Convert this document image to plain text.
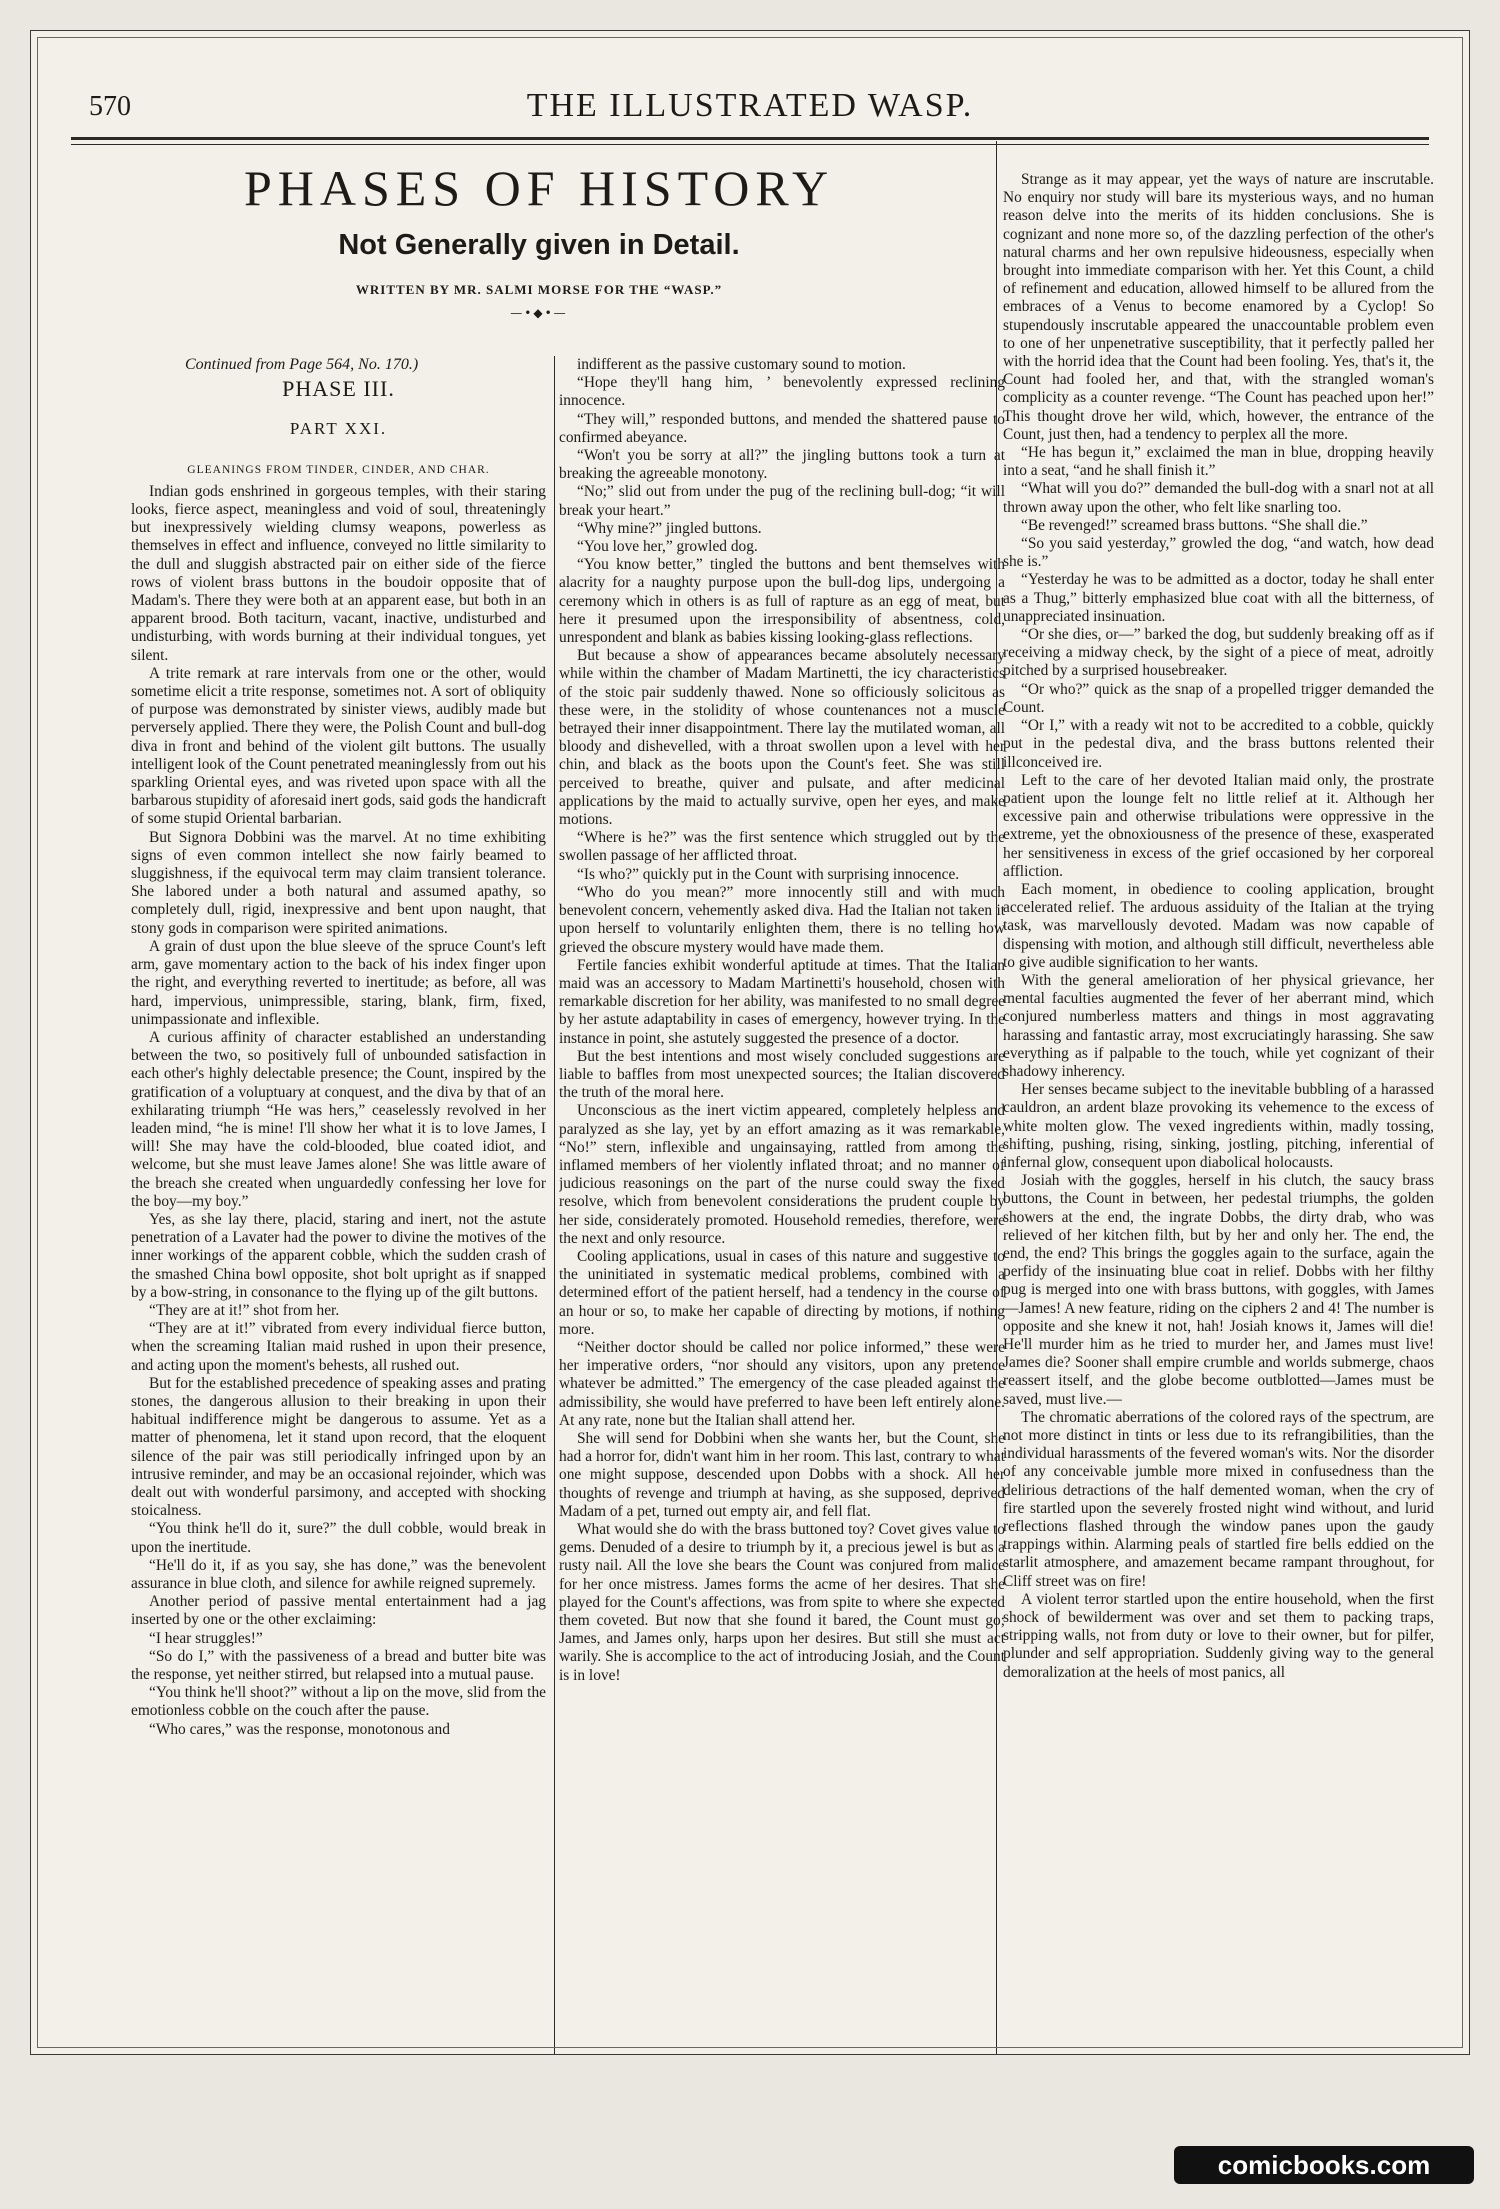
570	THE ILLUSTRATED WASP.
PHASES OF HISTORY
Not Generally given in Detail.
WRITTEN BY MR. SALMI MORSE FOR THE “WASP.”
—•◆•—
Continued from Page 564, No. 170.)
PHASE III.
PART XXI.
GLEANINGS FROM TINDER, CINDER, AND CHAR.

Indian gods enshrined in gorgeous temples, with their staring looks, fierce aspect, meaningless and void of soul, threateningly but inexpressively wielding clumsy weapons, powerless as themselves in effect and influence, conveyed no little similarity to the dull and sluggish abstracted pair on either side of the fierce rows of violent brass buttons in the boudoir opposite that of Madam's. There they were both at an apparent ease, but both in an apparent brood. Both taciturn, vacant, inactive, undisturbed and undisturbing, with words burning at their individual tongues, yet silent.

A trite remark at rare intervals from one or the other, would sometime elicit a trite response, sometimes not. A sort of obliquity of purpose was demonstrated by sinister views, audibly made but perversely applied. There they were, the Polish Count and bull-dog diva in front and behind of the violent gilt buttons. The usually intelligent look of the Count penetrated meaninglessly from out his sparkling Oriental eyes, and was riveted upon space with all the barbarous stupidity of aforesaid inert gods, said gods the handicraft of some stupid Oriental barbarian.

But Signora Dobbini was the marvel. At no time exhibiting signs of even common intellect she now fairly beamed to sluggishness, if the equivocal term may claim transient tolerance. She labored under a both natural and assumed apathy, so completely dull, rigid, inexpressive and bent upon naught, that stony gods in comparison were spirited animations.

A grain of dust upon the blue sleeve of the spruce Count's left arm, gave momentary action to the back of his index finger upon the right, and everything reverted to inertitude; as before, all was hard, impervious, unimpressible, staring, blank, firm, fixed, unimpassionate and inflexible.

A curious affinity of character established an understanding between the two, so positively full of unbounded satisfaction in each other's highly delectable presence; the Count, inspired by the gratification of a voluptuary at conquest, and the diva by that of an exhilarating triumph “He was hers,” ceaselessly revolved in her leaden mind, “he is mine! I'll show her what it is to love James, I will! She may have the cold-blooded, blue coated idiot, and welcome, but she must leave James alone! She was little aware of the breach she created when unguardedly confessing her love for the boy—my boy.”

Yes, as she lay there, placid, staring and inert, not the astute penetration of a Lavater had the power to divine the motives of the inner workings of the apparent cobble, which the sudden crash of the smashed China bowl opposite, shot bolt upright as if snapped by a bow-string, in consonance to the flying up of the gilt buttons.

“They are at it!” shot from her.

“They are at it!” vibrated from every individual fierce button, when the screaming Italian maid rushed in upon their presence, and acting upon the moment's behests, all rushed out.

But for the established precedence of speaking asses and prating stones, the dangerous allusion to their breaking in upon their habitual indifference might be dangerous to assume. Yet as a matter of phenomena, let it stand upon record, that the eloquent silence of the pair was still periodically infringed upon by an intrusive reminder, and may be an occasional rejoinder, which was dealt out with wonderful parsimony, and accepted with shocking stoicalness.

“You think he'll do it, sure?” the dull cobble, would break in upon the inertitude.

“He'll do it, if as you say, she has done,” was the benevolent assurance in blue cloth, and silence for awhile reigned supremely.

Another period of passive mental entertainment had a jag inserted by one or the other exclaiming:

“I hear struggles!”

“So do I,” with the passiveness of a bread and butter bite was the response, yet neither stirred, but relapsed into a mutual pause.

“You think he'll shoot?” without a lip on the move, slid from the emotionless cobble on the couch after the pause.

“Who cares,” was the response, monotonous and

indifferent as the passive customary sound to motion.

“Hope they'll hang him, ’ benevolently expressed reclining innocence.

“They will,” responded buttons, and mended the shattered pause to confirmed abeyance.

“Won't you be sorry at all?” the jingling buttons took a turn at breaking the agreeable monotony.

“No;” slid out from under the pug of the reclining bull-dog; “it will break your heart.”

“Why mine?” jingled buttons.

“You love her,” growled dog.

“You know better,” tingled the buttons and bent themselves with alacrity for a naughty purpose upon the bull-dog lips, undergoing a ceremony which in others is as full of rapture as an egg of meat, but here it presumed upon the irresponsibility of absentness, cold, unrespondent and blank as babies kissing looking-glass reflections.

But because a show of appearances became absolutely necessary while within the chamber of Madam Martinetti, the icy characteristics of the stoic pair suddenly thawed. None so officiously solicitous as these were, in the stolidity of whose countenances not a muscle betrayed their inner disappointment. There lay the mutilated woman, all bloody and dishevelled, with a throat swollen upon a level with her chin, and black as the boots upon the Count's feet. She was still perceived to breathe, quiver and pulsate, and after medicinal applications by the maid to actually survive, open her eyes, and make motions.

“Where is he?” was the first sentence which struggled out by the swollen passage of her afflicted throat.

“Is who?” quickly put in the Count with surprising innocence.

“Who do you mean?” more innocently still and with much benevolent concern, vehemently asked diva. Had the Italian not taken it upon herself to voluntarily enlighten them, there is no telling how grieved the obscure mystery would have made them.

Fertile fancies exhibit wonderful aptitude at times. That the Italian maid was an accessory to Madam Martinetti's household, chosen with remarkable discretion for her ability, was manifested to no small degree by her astute adaptability in cases of emergency, however trying. In the instance in point, she astutely suggested the presence of a doctor.

But the best intentions and most wisely concluded suggestions are liable to baffles from most unexpected sources; the Italian discovered the truth of the moral here.

Unconscious as the inert victim appeared, completely helpless and paralyzed as she lay, yet by an effort amazing as it was remarkable, “No!” stern, inflexible and ungainsaying, rattled from among the inflamed members of her violently inflated throat; and no manner of judicious reasonings on the part of the nurse could sway the fixed resolve, which from benevolent considerations the prudent couple by her side, considerately promoted. Household remedies, therefore, were the next and only resource.

Cooling applications, usual in cases of this nature and suggestive to the uninitiated in systematic medical problems, combined with a determined effort of the patient herself, had a tendency in the course of an hour or so, to make her capable of directing by motions, if nothing more.

“Neither doctor should be called nor police informed,” these were her imperative orders, “nor should any visitors, upon any pretence whatever be admitted.” The emergency of the case pleaded against the admissibility, she would have preferred to have been left entirely alone. At any rate, none but the Italian shall attend her.

She will send for Dobbini when she wants her, but the Count, she had a horror for, didn't want him in her room. This last, contrary to what one might suppose, descended upon Dobbs with a shock. All her thoughts of revenge and triumph at having, as she supposed, deprived Madam of a pet, turned out empty air, and fell flat.

What would she do with the brass buttoned toy? Covet gives value to gems. Denuded of a desire to triumph by it, a precious jewel is but as a rusty nail. All the love she bears the Count was conjured from malice for her once mistress. James forms the acme of her desires. That she played for the Count's affections, was from spite to where she expected them coveted. But now that she found it bared, the Count must go; James, and James only, harps upon her desires. But still she must act warily. She is accomplice to the act of introducing Josiah, and the Count is in love!

Strange as it may appear, yet the ways of nature are inscrutable. No enquiry nor study will bare its mysterious ways, and no human reason delve into the merits of its hidden conclusions. She is cognizant and none more so, of the dazzling perfection of the other's natural charms and her own repulsive hideousness, especially when brought into immediate comparison with her. Yet this Count, a child of refinement and education, allowed himself to be allured from the embraces of a Venus to become enamored by a Cyclop! So stupendously inscrutable appeared the unaccountable problem even to one of her unpenetrative susceptibility, that it perfectly palled her with the horrid idea that the Count had been fooling. Yes, that's it, the Count had fooled her, and that, with the strangled woman's complicity as a counter revenge. “The Count has peached upon her!” This thought drove her wild, which, however, the entrance of the Count, just then, had a tendency to perplex all the more.

“He has begun it,” exclaimed the man in blue, dropping heavily into a seat, “and he shall finish it.”

“What will you do?” demanded the bull-dog with a snarl not at all thrown away upon the other, who felt like snarling too.

“Be revenged!” screamed brass buttons. “She shall die.”

“So you said yesterday,” growled the dog, “and watch, how dead she is.”

“Yesterday he was to be admitted as a doctor, today he shall enter as a Thug,” bitterly emphasized blue coat with all the bitterness, of unappreciated insinuation.

“Or she dies, or—” barked the dog, but suddenly breaking off as if receiving a midway check, by the sight of a piece of meat, adroitly pitched by a surprised housebreaker.

“Or who?” quick as the snap of a propelled trigger demanded the Count.

“Or I,” with a ready wit not to be accredited to a cobble, quickly put in the pedestal diva, and the brass buttons relented their illconceived ire.

Left to the care of her devoted Italian maid only, the prostrate patient upon the lounge felt no little relief at it. Although her excessive pain and otherwise tribulations were oppressive in the extreme, yet the obnoxiousness of the presence of these, exasperated her sensitiveness in excess of the grief occasioned by her corporeal affliction.

Each moment, in obedience to cooling application, brought accelerated relief. The arduous assiduity of the Italian at the trying task, was marvellously devoted. Madam was now capable of dispensing with motion, and although still difficult, nevertheless able to give audible signification to her wants.

With the general amelioration of her physical grievance, her mental faculties augmented the fever of her aberrant mind, which conjured numberless matters and things in most aggravating harassing and fantastic array, most excruciatingly harassing. She saw everything as if palpable to the touch, while yet cognizant of their shadowy inherency.

Her senses became subject to the inevitable bubbling of a harassed cauldron, an ardent blaze provoking its vehemence to the excess of white molten glow. The vexed ingredients within, madly tossing, shifting, pushing, rising, sinking, jostling, pitching, inferential of infernal glow, consequent upon diabolical holocausts.

Josiah with the goggles, herself in his clutch, the saucy brass buttons, the Count in between, her pedestal triumphs, the golden showers at the end, the ingrate Dobbs, the dirty drab, who was relieved of her kitchen filth, but by her and only her. The end, the end, the end? This brings the goggles again to the surface, again the perfidy of the insinuating blue coat in relief. Dobbs with her filthy pug is merged into one with brass buttons, with goggles, with James—James! A new feature, riding on the ciphers 2 and 4! The number is opposite and she knew it not, hah! Josiah knows it, James will die! He'll murder him as he tried to murder her, and James must live! James die? Sooner shall empire crumble and worlds submerge, chaos reassert itself, and the globe become outblotted—James must be saved, must live.—

The chromatic aberrations of the colored rays of the spectrum, are not more distinct in tints or less due to its refrangibilities, than the individual harassments of the fevered woman's wits. Nor the disorder of any conceivable jumble more mixed in confusedness than the delirious detractions of the half demented woman, when the cry of fire startled upon the severely frosted night wind without, and lurid reflections flashed through the window panes upon the gaudy trappings within. Alarming peals of startled fire bells eddied on the starlit atmosphere, and amazement became rampant throughout, for Cliff street was on fire!

A violent terror startled upon the entire household, when the first shock of bewilderment was over and set them to packing traps, stripping walls, not from duty or love to their owner, but for pilfer, plunder and self appropriation. Suddenly giving way to the general demoralization at the heels of most panics, all

comicbooks.com
